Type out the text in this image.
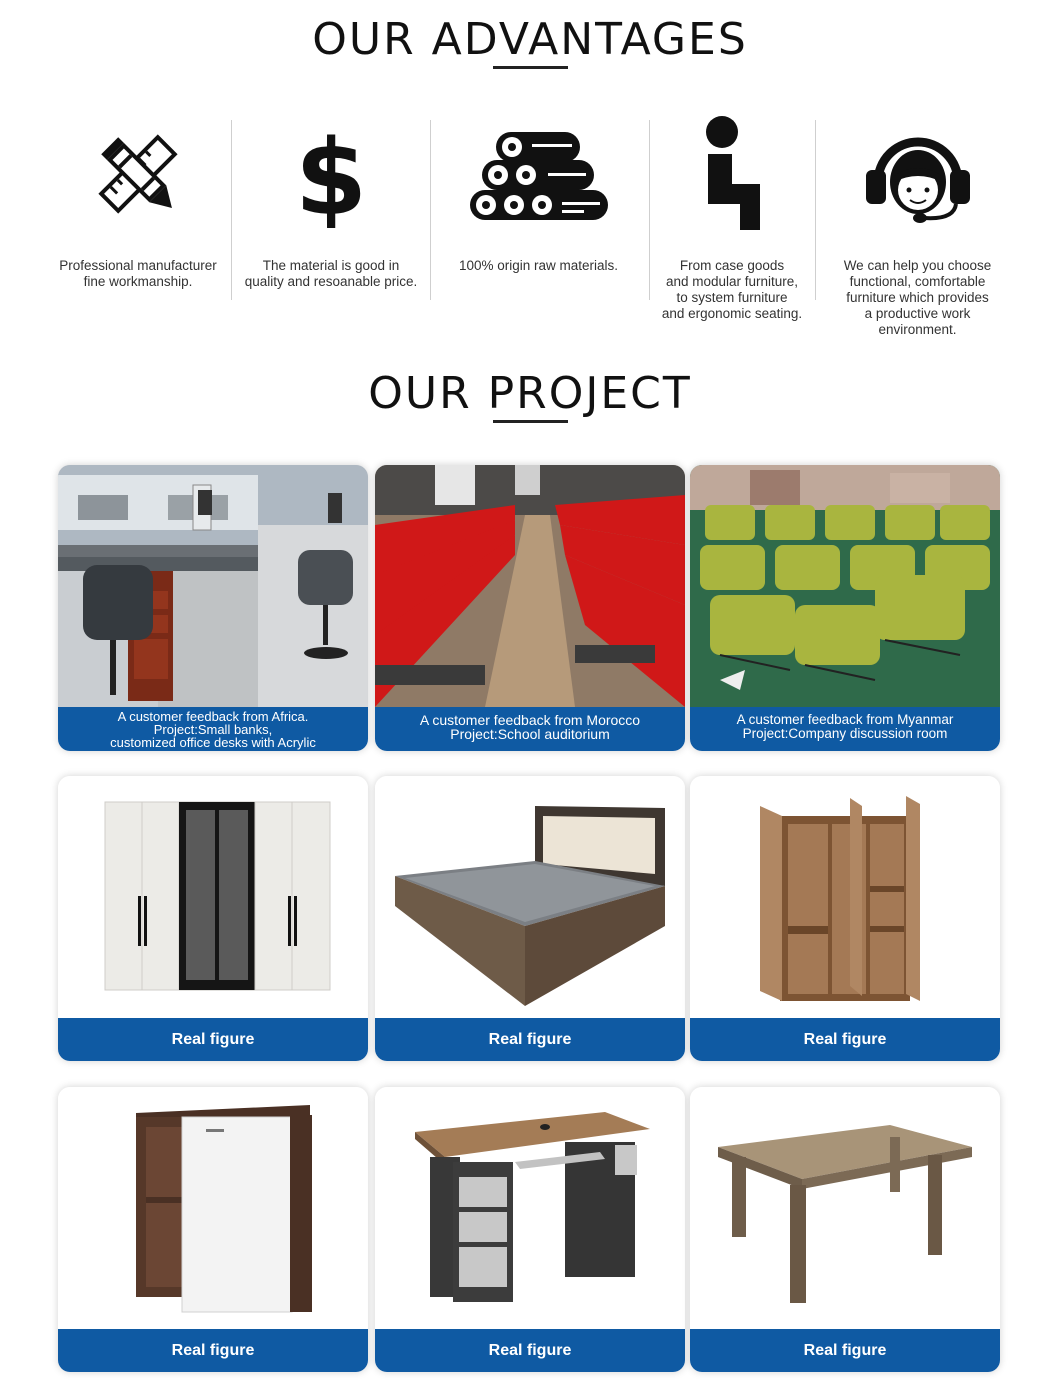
OUR ADVANTAGES
$
Professional manufacturer
fine workmanship.
The material is good in
quality and resoanable price.
100% origin raw materials.	From case goods
and modular furniture,
to system furniture
and ergonomic seating.
We can help you choose
functional, comfortable
furniture which provides
a productive work
environment.
OUR PROJECT
A customer feedback from Africa.
Project:Small banks,
customized office desks with Acrylic
A customer feedback from Morocco
Project:School auditorium
A customer feedback from Myanmar
Project:Company discussion room
Real figure	Real figure	Real figure
Real figure	Real figure	Real figure
